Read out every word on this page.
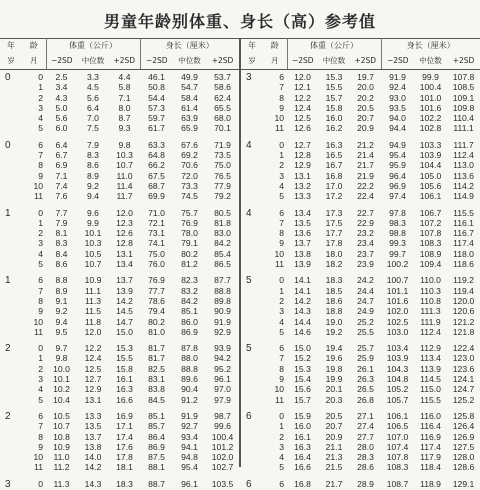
男童年龄别体重、身长（高）参考值
年	龄	体重（公斤）			身长（厘米）		
岁	月	−2SD	中位数	+2SD	−2SD	中位数	+2SD

0	0	2.5	3.3	4.4	46.1	49.9	53.7
	1	3.4	4.5	5.8	50.8	54.7	58.6
	2	4.3	5.6	7.1	54.4	58.4	62.4
	3	5.0	6.4	8.0	57.3	61.4	65.5
	4	5.6	7.0	8.7	59.7	63.9	68.0
	5	6.0	7.5	9.3	61.7	65.9	70.1

0	6	6.4	7.9	9.8	63.3	67.6	71.9
	7	6.7	8.3	10.3	64.8	69.2	73.5
	8	6.9	8.6	10.7	66.2	70.6	75.0
	9	7.1	8.9	11.0	67.5	72.0	76.5
	10	7.4	9.2	11.4	68.7	73.3	77.9
	11	7.6	9.4	11.7	69.9	74.5	79.2

1	0	7.7	9.6	12.0	71.0	75.7	80.5
	1	7.9	9.9	12.3	72.1	76.9	81.8
	2	8.1	10.1	12.6	73.1	78.0	83.0
	3	8.3	10.3	12.8	74.1	79.1	84.2
	4	8.4	10.5	13.1	75.0	80.2	85.4
	5	8.6	10.7	13.4	76.0	81.2	86.5

1	6	8.8	10.9	13.7	76.9	82.3	87.7
	7	8.9	11.1	13.9	77.7	83.2	88.8
	8	9.1	11.3	14.2	78.6	84.2	89.8
	9	9.2	11.5	14.5	79.4	85.1	90.9
	10	9.4	11.8	14.7	80.2	86.0	91.9
	11	9.5	12.0	15.0	81.0	86.9	92.9

2	0	9.7	12.2	15.3	81.7	87.8	93.9
	1	9.8	12.4	15.5	81.7	88.0	94.2
	2	10.0	12.5	15.8	82.5	88.8	95.2
	3	10.1	12.7	16.1	83.1	89.6	96.1
	4	10.2	12.9	16.3	83.8	90.4	97.0
	5	10.4	13.1	16.6	84.5	91.2	97.9

2	6	10.5	13.3	16.9	85.1	91.9	98.7
	7	10.7	13.5	17.1	85.7	92.7	99.6
	8	10.8	13.7	17.4	86.4	93.4	100.4
	9	10.9	13.8	17.6	86.9	94.1	101.2
	10	11.0	14.0	17.8	87.5	94.8	102.0
	11	11.2	14.2	18.1	88.1	95.4	102.7

3	0	11.3	14.3	18.3	88.7	96.1	103.5
年	龄	体重（公斤）			身长（厘米）		
岁	月	−2SD	中位数	+2SD	−2SD	中位数	+2SD

3	6	12.0	15.3	19.7	91.9	99.9	107.8
	7	12.1	15.5	20.0	92.4	100.4	108.5
	8	12.2	15.7	20.2	93.0	101.0	109.1
	9	12.4	15.8	20.5	93.5	101.6	109.8
	10	12.5	16.0	20.7	94.0	102.2	110.4
	11	12.6	16.2	20.9	94.4	102.8	111.1

4	0	12.7	16.3	21.2	94.9	103.3	111.7
	1	12.8	16.5	21.4	95.4	103.9	112.4
	2	12.9	16.7	21.7	95.9	104.4	113.0
	3	13.1	16.8	21.9	96.4	105.0	113.6
	4	13.2	17.0	22.2	96.9	105.6	114.2
	5	13.3	17.2	22.4	97.4	106.1	114.9

4	6	13.4	17.3	22.7	97.8	106.7	115.5
	7	13.5	17.5	22.9	98.3	107.2	116.1
	8	13.6	17.7	23.2	98.8	107.8	116.7
	9	13.7	17.8	23.4	99.3	108.3	117.4
	10	13.8	18.0	23.7	99.7	108.9	118.0
	11	13.9	18.2	23.9	100.2	109.4	118.6

5	0	14.1	18.3	24.2	100.7	110.0	119.2
	1	14.1	18.5	24.4	101.1	110.3	119.4
	2	14.2	18.6	24.7	101.6	110.8	120.0
	3	14.3	18.8	24.9	102.0	111.3	120.6
	4	14.4	19.0	25.2	102.5	111.9	121.2
	5	14.6	19.2	25.5	103.0	112.4	121.8

5	6	15.0	19.4	25.7	103.4	112.9	122.4
	7	15.2	19.6	25.9	103.9	113.4	123.0
	8	15.3	19.8	26.1	104.3	113.9	123.6
	9	15.4	19.9	26.3	104.8	114.5	124.1
	10	15.6	20.1	26.5	105.2	115.0	124.7
	11	15.7	20.3	26.8	105.7	115.5	125.2

6	0	15.9	20.5	27.1	106.1	116.0	125.8
	1	16.0	20.7	27.4	106.5	116.4	126.4
	2	16.1	20.9	27.7	107.0	116.9	126.9
	3	16.3	21.1	28.0	107.4	117.4	127.5
	4	16.4	21.3	28.3	107.8	117.9	128.0
	5	16.6	21.5	28.6	108.3	118.4	128.6

6	6	16.8	21.7	28.9	108.7	118.9	129.1
